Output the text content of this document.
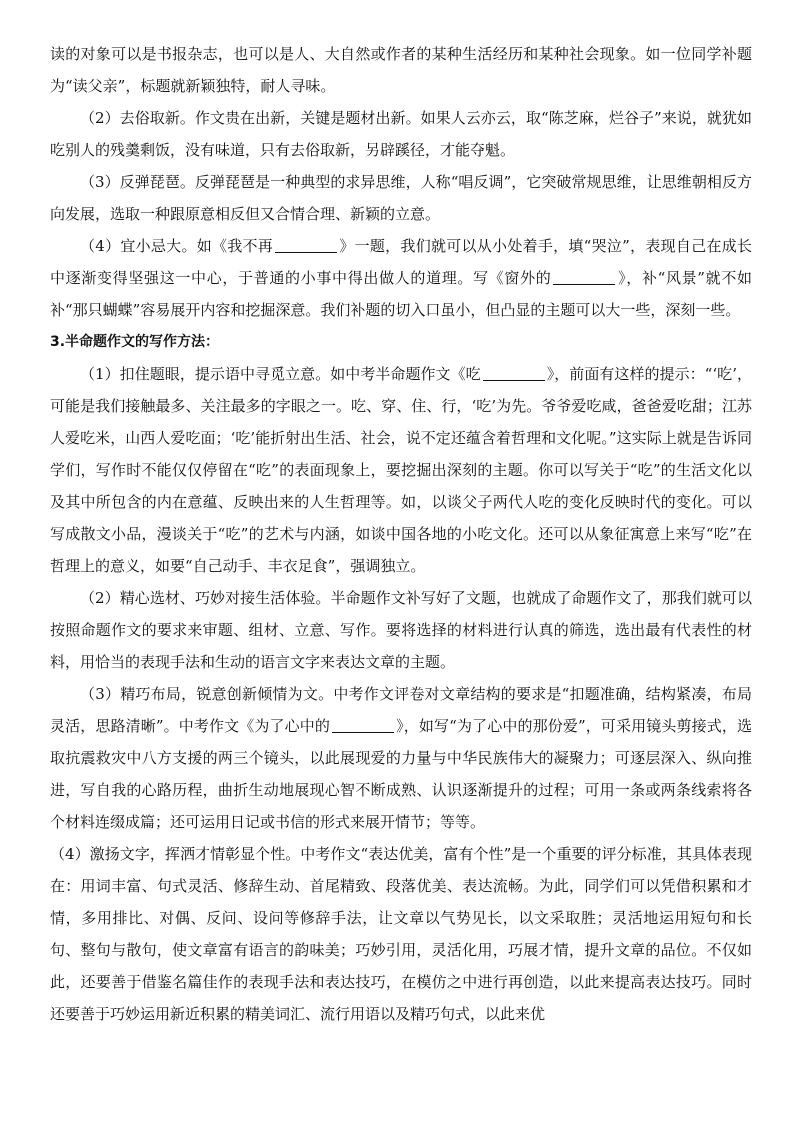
读的对象可以是书报杂志，也可以是人、大自然或作者的某种生活经历和某种社会现象。如一位同学补题为“读父亲”，标题就新颖独特，耐人寻味。

（2）去俗取新。作文贵在出新，关键是题材出新。如果人云亦云，取“陈芝麻，烂谷子”来说，就犹如吃别人的残羹剩饭，没有味道，只有去俗取新，另辟蹊径，才能夺魁。

（3）反弹琵琶。反弹琵琶是一种典型的求异思维，人称“唱反调”，它突破常规思维，让思维朝相反方向发展，选取一种跟原意相反但又合情合理、新颖的立意。

（4）宜小忌大。如《我不再	》一题，我们就可以从小处着手，填“哭泣”，表现自己在成长中逐渐变得坚强这一中心，于普通的小事中得出做人的道理。写《窗外的	》，补“风景”就不如补“那只蝴蝶”容易展开内容和挖掘深意。我们补题的切入口虽小，但凸显的主题可以大一些，深刻一些。

3.半命题作文的写作方法：

（1）扣住题眼，提示语中寻觅立意。如中考半命题作文《吃	》，前面有这样的提示：“‘吃’，可能是我们接触最多、关注最多的字眼之一。吃、穿、住、行，‘吃’为先。爷爷爱吃咸，爸爸爱吃甜；江苏人爱吃米，山西人爱吃面；‘吃’能折射出生活、社会，说不定还蕴含着哲理和文化呢。”这实际上就是告诉同学们，写作时不能仅仅停留在“吃”的表面现象上，要挖掘出深刻的主题。你可以写关于“吃”的生活文化以及其中所包含的内在意蕴、反映出来的人生哲理等。如，以谈父子两代人吃的变化反映时代的变化。可以写成散文小品，漫谈关于“吃”的艺术与内涵，如谈中国各地的小吃文化。还可以从象征寓意上来写“吃”在哲理上的意义，如要“自己动手、丰衣足食”，强调独立。

（2）精心选材、巧妙对接生活体验。半命题作文补写好了文题，也就成了命题作文了，那我们就可以按照命题作文的要求来审题、组材、立意、写作。要将选择的材料进行认真的筛选，选出最有代表性的材料，用恰当的表现手法和生动的语言文字来表达文章的主题。

（3）精巧布局，锐意创新倾情为文。中考作文评卷对文章结构的要求是“扣题准确，结构紧凑，布局灵活，思路清晰”。中考作文《为了心中的	》，如写“为了心中的那份爱”，可采用镜头剪接式，选取抗震救灾中八方支援的两三个镜头，以此展现爱的力量与中华民族伟大的凝聚力；可逐层深入、纵向推进，写自我的心路历程，曲折生动地展现心智不断成熟、认识逐渐提升的过程；可用一条或两条线索将各个材料连缀成篇；还可运用日记或书信的形式来展开情节；等等。

（4）激扬文字，挥洒才情彰显个性。中考作文“表达优美，富有个性”是一个重要的评分标准，其具体表现在：用词丰富、句式灵活、修辞生动、首尾精致、段落优美、表达流畅。为此，同学们可以凭借积累和才情，多用排比、对偶、反问、设问等修辞手法，让文章以气势见长，以文采取胜；灵活地运用短句和长句、整句与散句，使文章富有语言的韵味美；巧妙引用，灵活化用，巧展才情，提升文章的品位。不仅如此，还要善于借鉴名篇佳作的表现手法和表达技巧，在模仿之中进行再创造，以此来提高表达技巧。同时还要善于巧妙运用新近积累的精美词汇、流行用语以及精巧句式，以此来优
